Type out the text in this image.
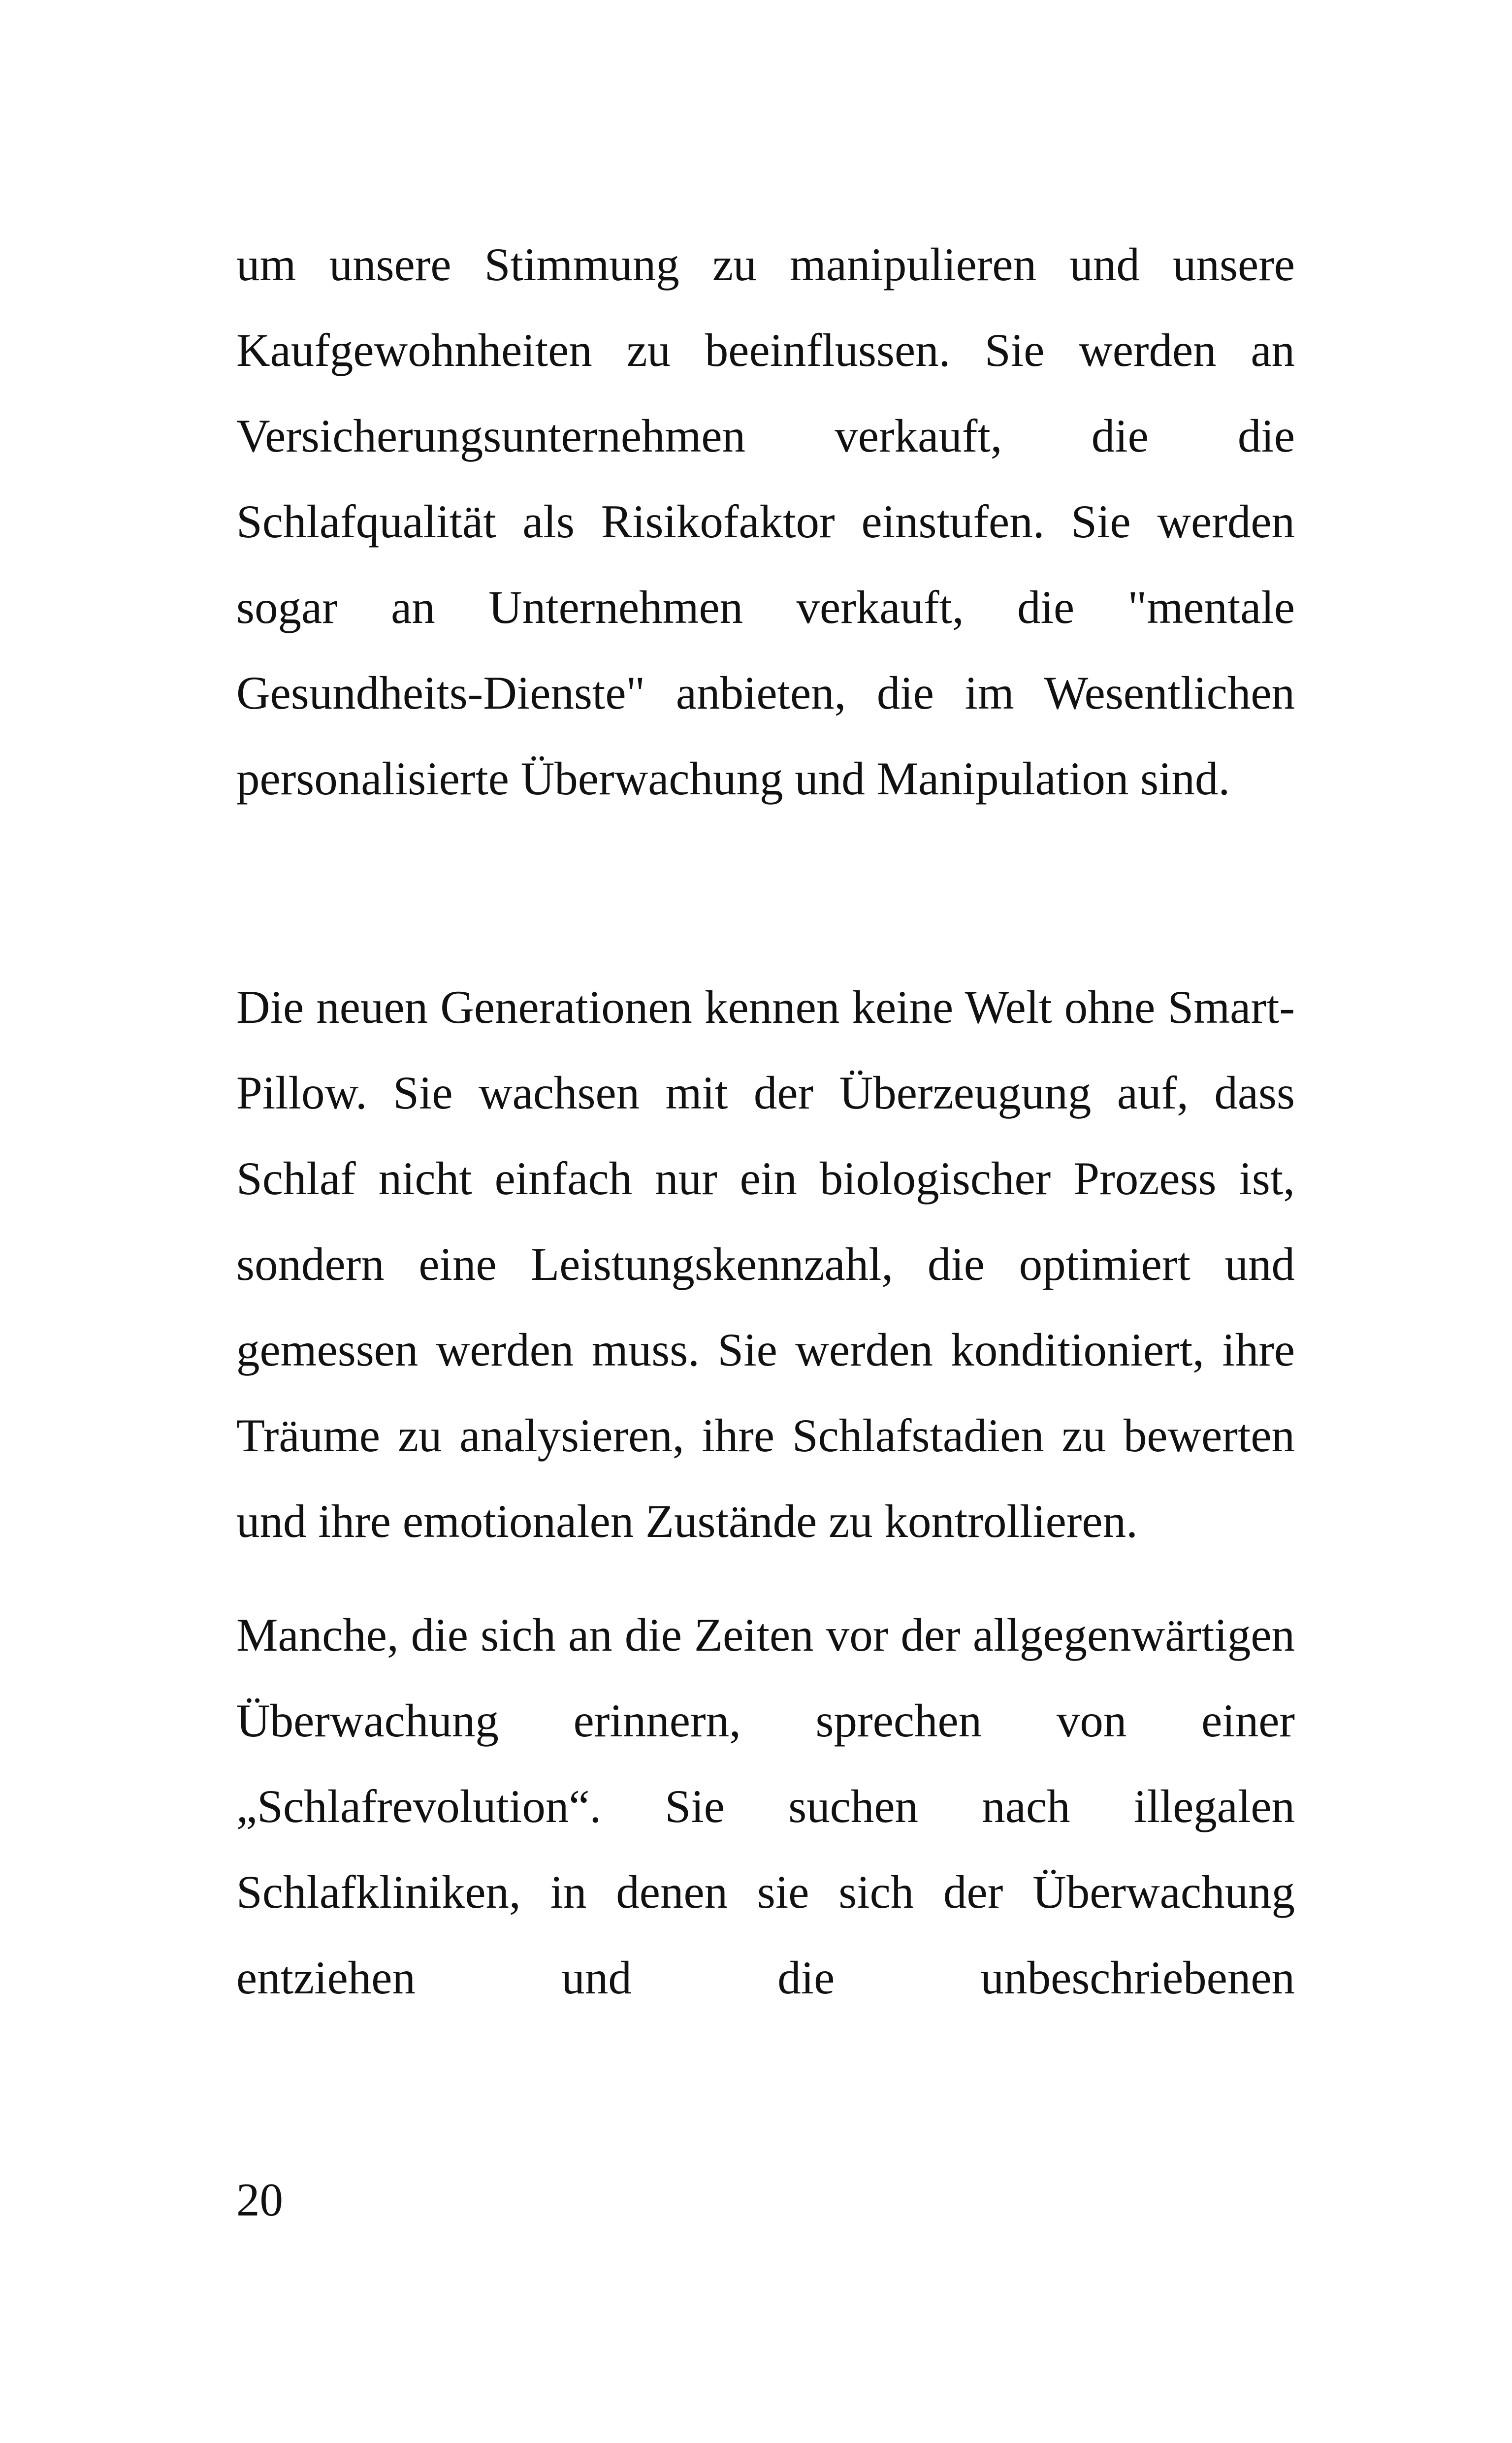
um unsere Stimmung zu manipulieren und unsere Kaufgewohnheiten zu beeinflussen. Sie werden an Versicherungsunternehmen verkauft, die die Schlafqualität als Risikofaktor einstufen. Sie werden sogar an Unternehmen verkauft, die "mentale Gesundheits-Dienste" anbieten, die im Wesentlichen personalisierte Überwachung und Manipulation sind.

Die neuen Generationen kennen keine Welt ohne Smart-Pillow. Sie wachsen mit der Überzeugung auf, dass Schlaf nicht einfach nur ein biologischer Prozess ist, sondern eine Leistungskennzahl, die optimiert und gemessen werden muss. Sie werden konditioniert, ihre Träume zu analysieren, ihre Schlafstadien zu bewerten und ihre emotionalen Zustände zu kontrollieren.

Manche, die sich an die Zeiten vor der allgegenwärtigen Überwachung erinnern, sprechen von einer „Schlafrevolution“. Sie suchen nach illegalen Schlafkliniken, in denen sie sich der Überwachung entziehen und die unbeschriebenen

20
